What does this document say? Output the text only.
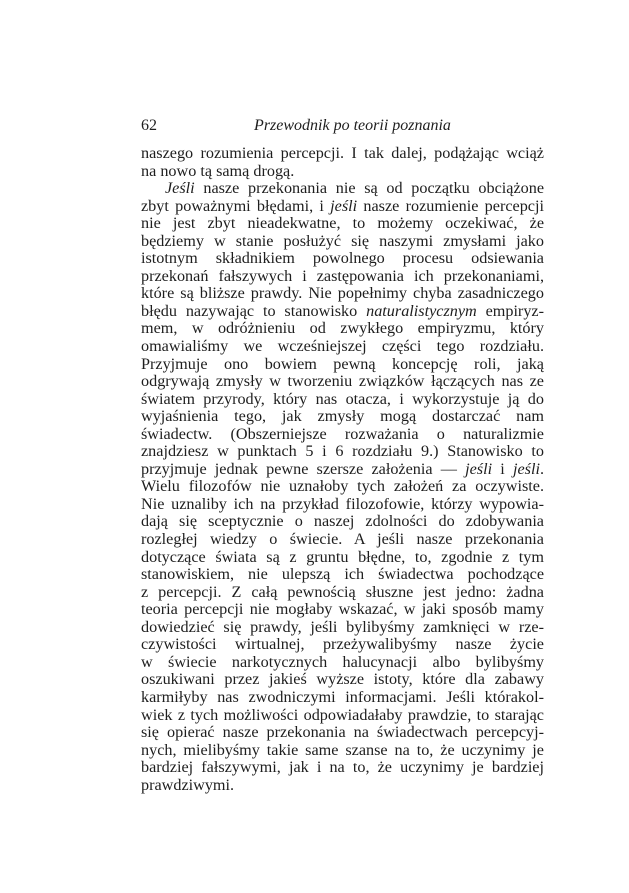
62	Przewodnik po teorii poznania
naszego rozumienia percepcji. I tak dalej, podążając wciąż
na nowo tą samą drogą.
Jeśli nasze przekonania nie są od początku obciążone
zbyt poważnymi błędami, i jeśli nasze rozumienie percepcji
nie jest zbyt nieadekwatne, to możemy oczekiwać, że
będziemy w stanie posłużyć się naszymi zmysłami jako
istotnym składnikiem powolnego procesu odsiewania
przekonań fałszywych i zastępowania ich przekonaniami,
które są bliższe prawdy. Nie popełnimy chyba zasadniczego
błędu nazywając to stanowisko naturalistycznym empiryz-
mem, w odróżnieniu od zwykłego empiryzmu, który
omawialiśmy we wcześniejszej części tego rozdziału.
Przyjmuje ono bowiem pewną koncepcję roli, jaką
odgrywają zmysły w tworzeniu związków łączących nas ze
światem przyrody, który nas otacza, i wykorzystuje ją do
wyjaśnienia tego, jak zmysły mogą dostarczać nam
świadectw. (Obszerniejsze rozważania o naturalizmie
znajdziesz w punktach 5 i 6 rozdziału 9.) Stanowisko to
przyjmuje jednak pewne szersze założenia — jeśli i jeśli.
Wielu filozofów nie uznałoby tych założeń za oczywiste.
Nie uznaliby ich na przykład filozofowie, którzy wypowia-
dają się sceptycznie o naszej zdolności do zdobywania
rozległej wiedzy o świecie. A jeśli nasze przekonania
dotyczące świata są z gruntu błędne, to, zgodnie z tym
stanowiskiem, nie ulepszą ich świadectwa pochodzące
z percepcji. Z całą pewnością słuszne jest jedno: żadna
teoria percepcji nie mogłaby wskazać, w jaki sposób mamy
dowiedzieć się prawdy, jeśli bylibyśmy zamknięci w rze-
czywistości wirtualnej, przeżywalibyśmy nasze życie
w świecie narkotycznych halucynacji albo bylibyśmy
oszukiwani przez jakieś wyższe istoty, które dla zabawy
karmiłyby nas zwodniczymi informacjami. Jeśli którakol-
wiek z tych możliwości odpowiadałaby prawdzie, to starając
się opierać nasze przekonania na świadectwach percepcyj-
nych, mielibyśmy takie same szanse na to, że uczynimy je
bardziej fałszywymi, jak i na to, że uczynimy je bardziej
prawdziwymi.
